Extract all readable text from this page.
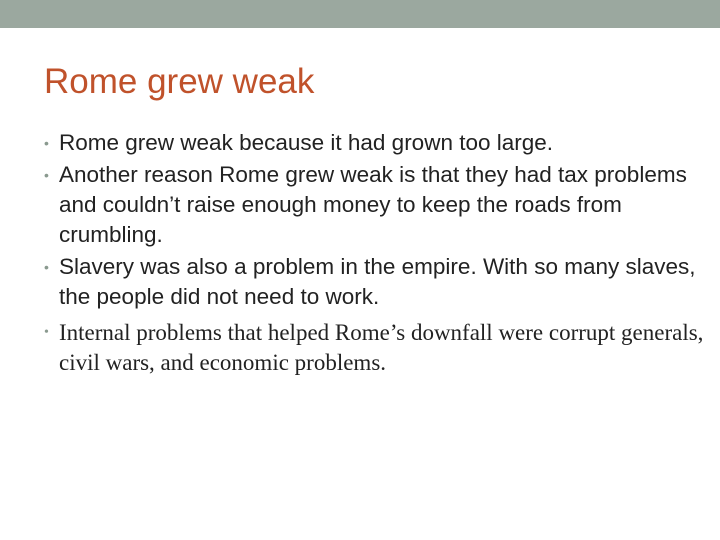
Rome grew weak
• Rome grew weak because it had grown too large.
• Another reason Rome grew weak is that they had tax problems and couldn’t raise enough money to keep the roads from crumbling.
• Slavery was also a problem in the empire. With so many slaves, the people did not need to work.
• Internal problems that helped Rome’s downfall were corrupt generals, civil wars, and economic problems.
